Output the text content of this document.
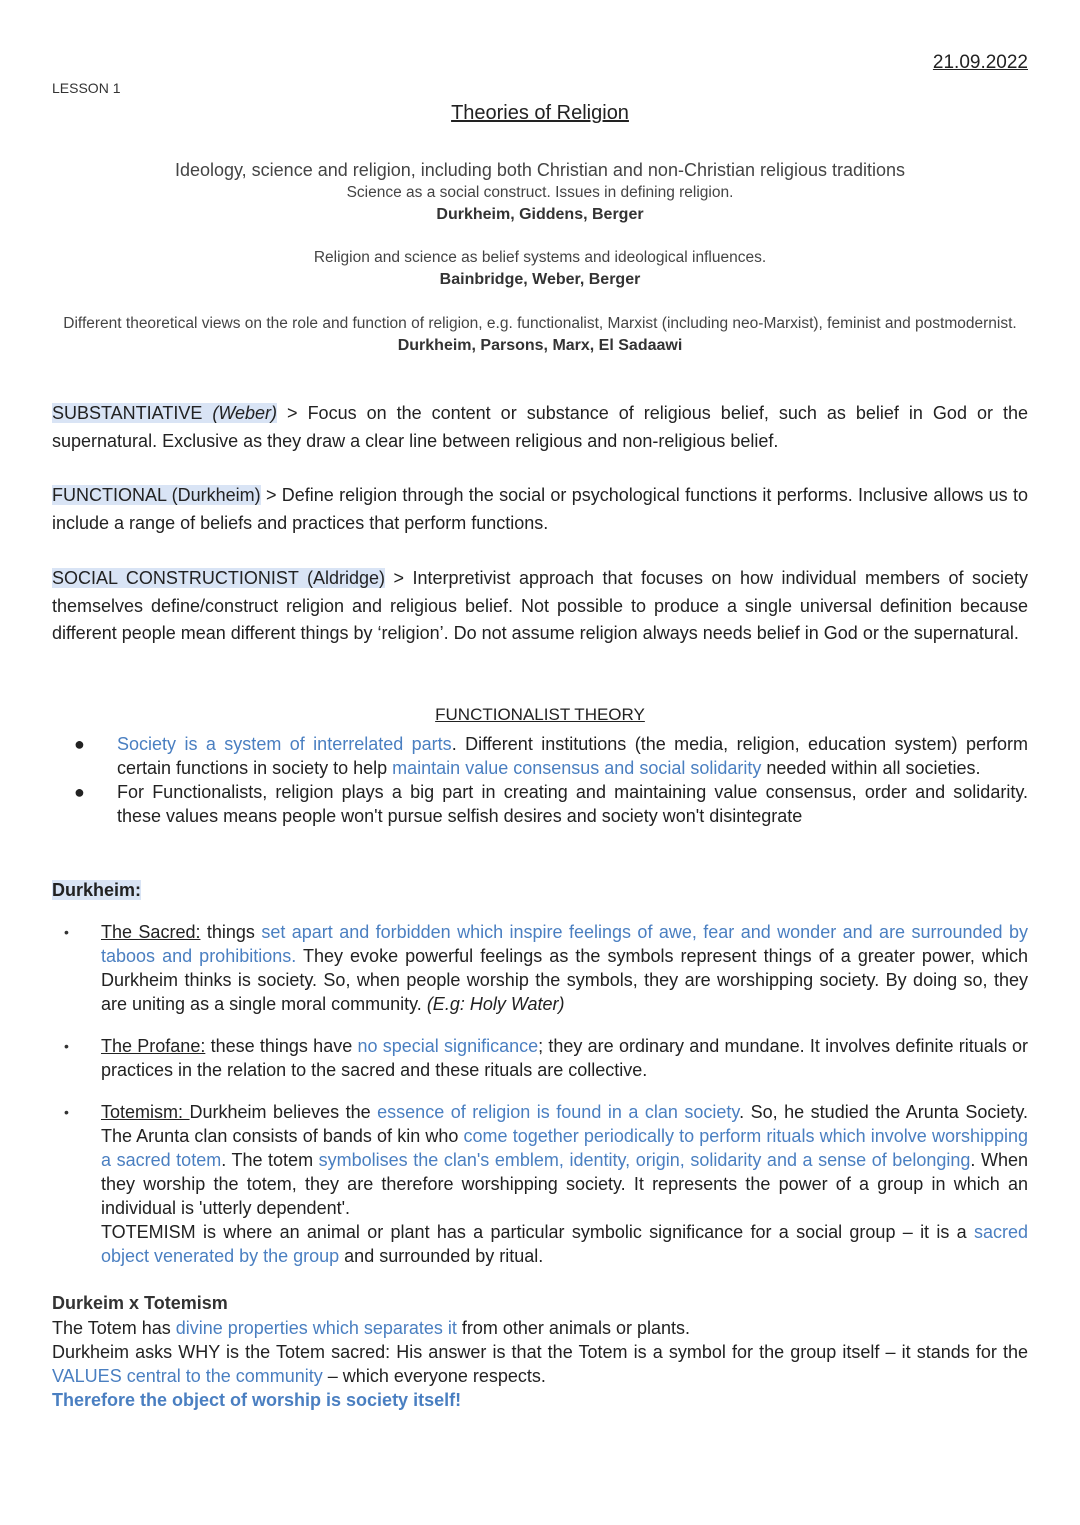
21.09.2022
LESSON 1
Theories of Religion
Ideology, science and religion, including both Christian and non-Christian religious traditions
Science as a social construct. Issues in defining religion.
Durkheim, Giddens, Berger
Religion and science as belief systems and ideological influences.
Bainbridge, Weber, Berger
Different theoretical views on the role and function of religion, e.g. functionalist, Marxist (including neo-Marxist), feminist and postmodernist.
Durkheim, Parsons, Marx, El Sadaawi
SUBSTANTIATIVE (Weber) > Focus on the content or substance of religious belief, such as belief in God or the supernatural. Exclusive as they draw a clear line between religious and non-religious belief.
FUNCTIONAL (Durkheim) > Define religion through the social or psychological functions it performs. Inclusive allows us to include a range of beliefs and practices that perform functions.
SOCIAL CONSTRUCTIONIST (Aldridge) > Interpretivist approach that focuses on how individual members of society themselves define/construct religion and religious belief. Not possible to produce a single universal definition because different people mean different things by ‘religion’. Do not assume religion always needs belief in God or the supernatural.
FUNCTIONALIST THEORY
● Society is a system of interrelated parts. Different institutions (the media, religion, education system) perform certain functions in society to help maintain value consensus and social solidarity needed within all societies.
● For Functionalists, religion plays a big part in creating and maintaining value consensus, order and solidarity. these values means people won't pursue selfish desires and society won't disintegrate
Durkheim:
• The Sacred: things set apart and forbidden which inspire feelings of awe, fear and wonder and are surrounded by taboos and prohibitions. They evoke powerful feelings as the symbols represent things of a greater power, which Durkheim thinks is society. So, when people worship the symbols, they are worshipping society. By doing so, they are uniting as a single moral community. (E.g: Holy Water)
• The Profane: these things have no special significance; they are ordinary and mundane. It involves definite rituals or practices in the relation to the sacred and these rituals are collective.
• Totemism: Durkheim believes the essence of religion is found in a clan society. So, he studied the Arunta Society. The Arunta clan consists of bands of kin who come together periodically to perform rituals which involve worshipping a sacred totem. The totem symbolises the clan's emblem, identity, origin, solidarity and a sense of belonging. When they worship the totem, they are therefore worshipping society. It represents the power of a group in which an individual is 'utterly dependent'.
TOTEMISM is where an animal or plant has a particular symbolic significance for a social group – it is a sacred object venerated by the group and surrounded by ritual.
Durkeim x Totemism
The Totem has divine properties which separates it from other animals or plants.
Durkheim asks WHY is the Totem sacred: His answer is that the Totem is a symbol for the group itself – it stands for the VALUES central to the community – which everyone respects.
Therefore the object of worship is society itself!
